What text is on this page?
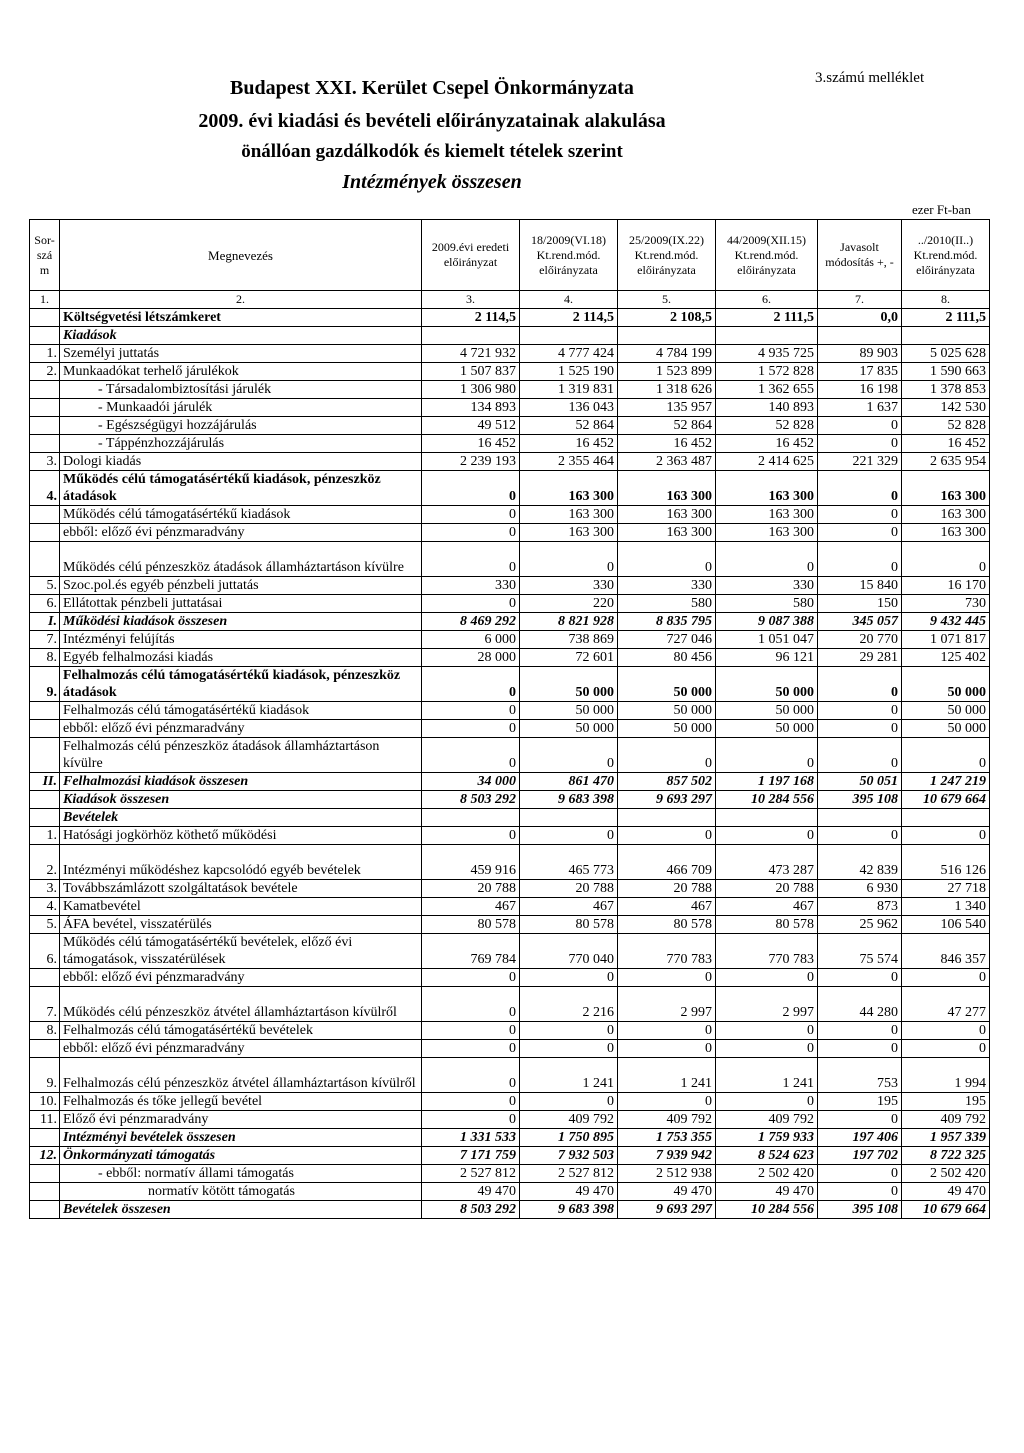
3.számú melléklet
Budapest XXI. Kerület Csepel Önkormányzata
2009. évi kiadási és bevételi előirányzatainak alakulása
önállóan gazdálkodók és kiemelt tételek szerint
Intézmények összesen
ezer Ft-ban
Sor-szá m	Megnevezés	2009.évi eredeti előirányzat	18/2009(VI.18) Kt.rend.mód. előirányzata	25/2009(IX.22) Kt.rend.mód. előirányzata	44/2009(XII.15) Kt.rend.mód. előirányzata	Javasolt módosítás +, -	../2010(II..) Kt.rend.mód. előirányzata
1.	2.	3.	4.	5.	6.	7.	8.
	Költségvetési létszámkeret	2 114,5	2 114,5	2 108,5	2 111,5	0,0	2 111,5
	Kiadások						
1.	Személyi juttatás	4 721 932	4 777 424	4 784 199	4 935 725	89 903	5 025 628
2.	Munkaadókat terhelő járulékok	1 507 837	1 525 190	1 523 899	1 572 828	17 835	1 590 663
	- Társadalombiztosítási járulék	1 306 980	1 319 831	1 318 626	1 362 655	16 198	1 378 853
	- Munkaadói járulék	134 893	136 043	135 957	140 893	1 637	142 530
	- Egészségügyi hozzájárulás	49 512	52 864	52 864	52 828	0	52 828
	- Táppénzhozzájárulás	16 452	16 452	16 452	16 452	0	16 452
3.	Dologi kiadás	2 239 193	2 355 464	2 363 487	2 414 625	221 329	2 635 954
4.	Működés célú támogatásértékű kiadások, pénzeszköz átadások	0	163 300	163 300	163 300	0	163 300
	Működés célú támogatásértékű kiadások	0	163 300	163 300	163 300	0	163 300
	ebből: előző évi pénzmaradvány	0	163 300	163 300	163 300	0	163 300
	Működés célú pénzeszköz átadások államháztartáson kívülre	0	0	0	0	0	0
5.	Szoc.pol.és egyéb pénzbeli juttatás	330	330	330	330	15 840	16 170
6.	Ellátottak pénzbeli juttatásai	0	220	580	580	150	730
I.	Működési kiadások összesen	8 469 292	8 821 928	8 835 795	9 087 388	345 057	9 432 445
7.	Intézményi felújítás	6 000	738 869	727 046	1 051 047	20 770	1 071 817
8.	Egyéb felhalmozási kiadás	28 000	72 601	80 456	96 121	29 281	125 402
9.	Felhalmozás célú támogatásértékű kiadások, pénzeszköz átadások	0	50 000	50 000	50 000	0	50 000
	Felhalmozás célú támogatásértékű kiadások	0	50 000	50 000	50 000	0	50 000
	ebből: előző évi pénzmaradvány	0	50 000	50 000	50 000	0	50 000
	Felhalmozás célú pénzeszköz átadások államháztartáson kívülre	0	0	0	0	0	0
II.	Felhalmozási kiadások összesen	34 000	861 470	857 502	1 197 168	50 051	1 247 219
	Kiadások összesen	8 503 292	9 683 398	9 693 297	10 284 556	395 108	10 679 664
	Bevételek						
1.	Hatósági jogkörhöz köthető működési	0	0	0	0	0	0
2.	Intézményi működéshez kapcsolódó egyéb bevételek	459 916	465 773	466 709	473 287	42 839	516 126
3.	Továbbszámlázott szolgáltatások bevétele	20 788	20 788	20 788	20 788	6 930	27 718
4.	Kamatbevétel	467	467	467	467	873	1 340
5.	ÁFA bevétel, visszatérülés	80 578	80 578	80 578	80 578	25 962	106 540
6.	Működés célú támogatásértékű bevételek, előző évi támogatások, visszatérülések	769 784	770 040	770 783	770 783	75 574	846 357
	ebből: előző évi pénzmaradvány	0	0	0	0	0	0
7.	Működés célú pénzeszköz átvétel államháztartáson kívülről	0	2 216	2 997	2 997	44 280	47 277
8.	Felhalmozás célú támogatásértékű bevételek	0	0	0	0	0	0
	ebből: előző évi pénzmaradvány	0	0	0	0	0	0
9.	Felhalmozás célú pénzeszköz átvétel államháztartáson kívülről	0	1 241	1 241	1 241	753	1 994
10.	Felhalmozás és tőke jellegű bevétel	0	0	0	0	195	195
11.	Előző évi pénzmaradvány	0	409 792	409 792	409 792	0	409 792
	Intézményi bevételek összesen	1 331 533	1 750 895	1 753 355	1 759 933	197 406	1 957 339
12.	Önkormányzati támogatás	7 171 759	7 932 503	7 939 942	8 524 623	197 702	8 722 325
	- ebből: normatív állami támogatás	2 527 812	2 527 812	2 512 938	2 502 420	0	2 502 420
	normatív kötött támogatás	49 470	49 470	49 470	49 470	0	49 470
	Bevételek összesen	8 503 292	9 683 398	9 693 297	10 284 556	395 108	10 679 664
